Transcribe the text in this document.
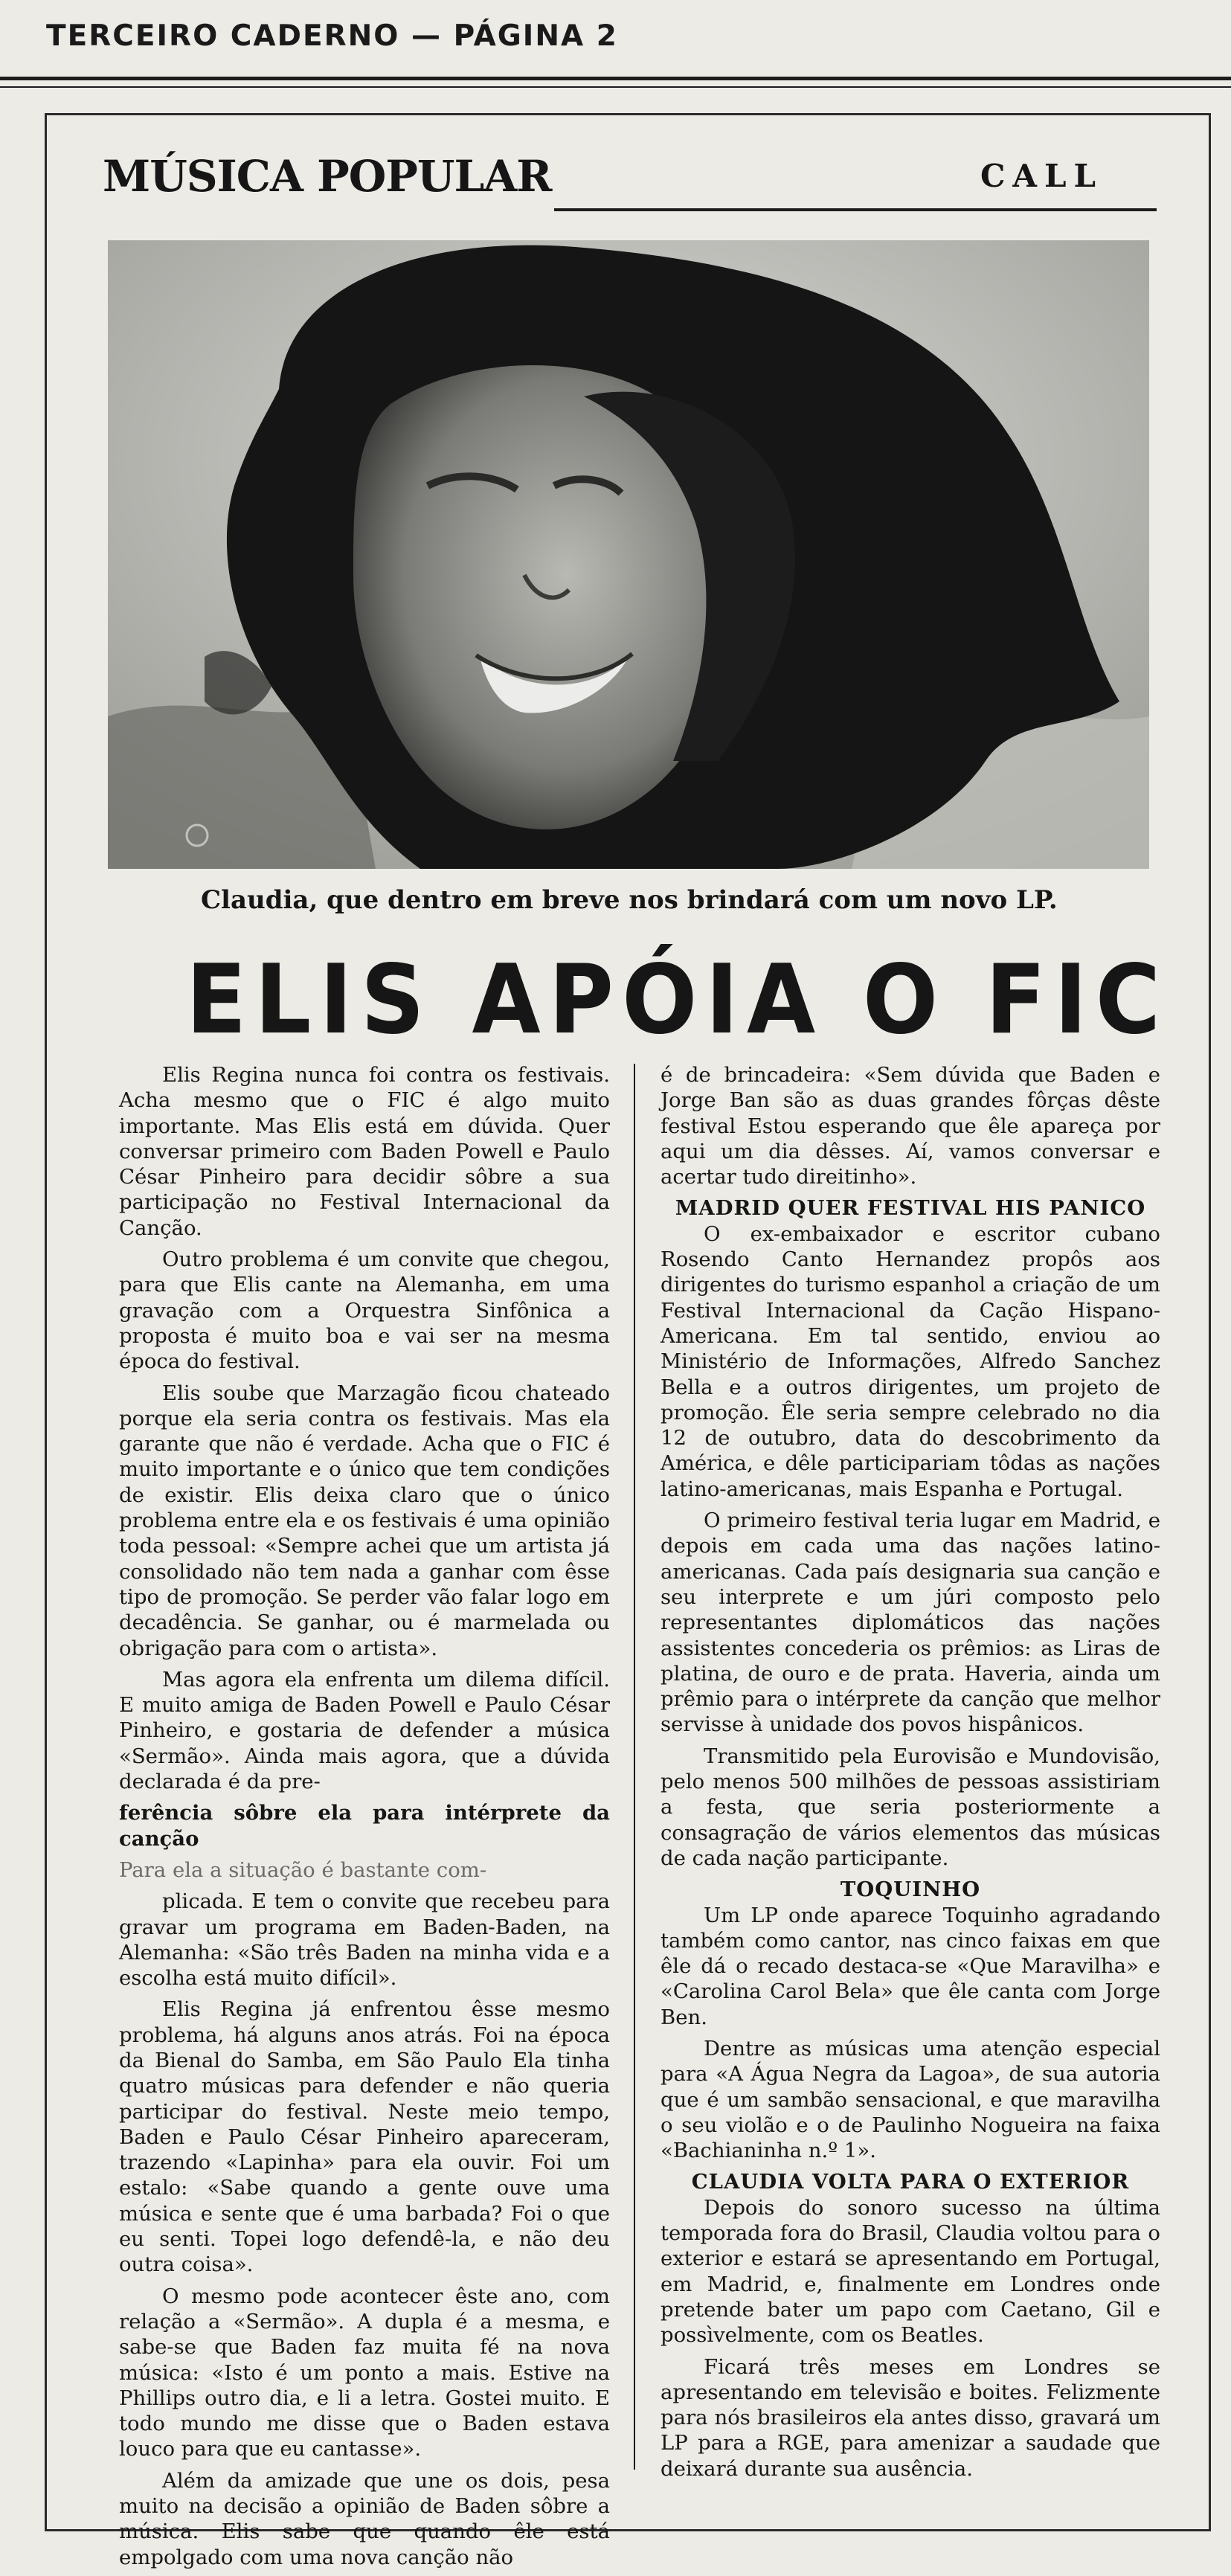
TERCEIRO CADERNO — PÁGINA 2
MÚSICA POPULAR	CALL
Claudia, que dentro em breve nos brindará com um novo LP.
ELIS APÓIA O FIC

Elis Regina nunca foi contra os festivais. Acha mesmo que o FIC é algo muito importante. Mas Elis está em dúvida. Quer conversar primeiro com Baden Powell e Paulo César Pinheiro para decidir sôbre a sua participação no Festival Internacional da Canção.

Outro problema é um convite que chegou, para que Elis cante na Alemanha, em uma gravação com a Orquestra Sinfônica a proposta é muito boa e vai ser na mesma época do festival.

Elis soube que Marzagão ficou chateado porque ela seria contra os festivais. Mas ela garante que não é verdade. Acha que o FIC é muito importante e o único que tem condições de existir. Elis deixa claro que o único problema entre ela e os festivais é uma opinião toda pessoal: «Sempre achei que um artista já consolidado não tem nada a ganhar com êsse tipo de promoção. Se perder vão falar logo em decadência. Se ganhar, ou é marmelada ou obrigação para com o artista».

Mas agora ela enfrenta um dilema difícil. E muito amiga de Baden Powell e Paulo César Pinheiro, e gostaria de defender a música «Sermão». Ainda mais agora, que a dúvida declarada é da pre-

ferência sôbre ela para intérprete da canção

Para ela a situação é bastante com-

plicada. E tem o convite que recebeu para gravar um programa em Baden-Baden, na Alemanha: «São três Baden na minha vida e a escolha está muito difícil».

Elis Regina já enfrentou êsse mesmo problema, há alguns anos atrás. Foi na época da Bienal do Samba, em São Paulo Ela tinha quatro músicas para defender e não queria participar do festival. Neste meio tempo, Baden e Paulo César Pinheiro apareceram, trazendo «Lapinha» para ela ouvir. Foi um estalo: «Sabe quando a gente ouve uma música e sente que é uma barbada? Foi o que eu senti. Topei logo defendê-la, e não deu outra coisa».

O mesmo pode acontecer êste ano, com relação a «Sermão». A dupla é a mesma, e sabe-se que Baden faz muita fé na nova música: «Isto é um ponto a mais. Estive na Phillips outro dia, e li a letra. Gostei muito. E todo mundo me disse que o Baden estava louco para que eu cantasse».

Além da amizade que une os dois, pesa muito na decisão a opinião de Baden sôbre a música. Elis sabe que quando êle está empolgado com uma nova canção não

é de brincadeira: «Sem dúvida que Baden e Jorge Ban são as duas grandes fôrças dêste festival Estou esperando que êle apareça por aqui um dia dêsses. Aí, vamos conversar e acertar tudo direitinho».

MADRID QUER FESTIVAL HIS PANICO

O ex-embaixador e escritor cubano Rosendo Canto Hernandez propôs aos dirigentes do turismo espanhol a criação de um Festival Internacional da Cação Hispano-Americana. Em tal sentido, enviou ao Ministério de Informações, Alfredo Sanchez Bella e a outros dirigentes, um projeto de promoção. Êle seria sempre celebrado no dia 12 de outubro, data do descobrimento da América, e dêle participariam tôdas as nações latino-americanas, mais Espanha e Portugal.

O primeiro festival teria lugar em Madrid, e depois em cada uma das nações latino-americanas. Cada país designaria sua canção e seu interprete e um júri composto pelo representantes diplomáticos das nações assistentes concederia os prêmios: as Liras de platina, de ouro e de prata. Haveria, ainda um prêmio para o intérprete da canção que melhor servisse à unidade dos povos hispânicos.

Transmitido pela Eurovisão e Mundovisão, pelo menos 500 milhões de pessoas assistiriam a festa, que seria posteriormente a consagração de vários elementos das músicas de cada nação participante.

TOQUINHO

Um LP onde aparece Toquinho agradando também como cantor, nas cinco faixas em que êle dá o recado destaca-se «Que Maravilha» e «Carolina Carol Bela» que êle canta com Jorge Ben.

Dentre as músicas uma atenção especial para «A Água Negra da Lagoa», de sua autoria que é um sambão sensacional, e que maravilha o seu violão e o de Paulinho Nogueira na faixa «Bachianinha n.º 1».

CLAUDIA VOLTA PARA O EXTERIOR

Depois do sonoro sucesso na última temporada fora do Brasil, Claudia voltou para o exterior e estará se apresentando em Portugal, em Madrid, e, finalmente em Londres onde pretende bater um papo com Caetano, Gil e possìvelmente, com os Beatles.

Ficará três meses em Londres se apresentando em televisão e boites. Felizmente para nós brasileiros ela antes disso, gravará um LP para a RGE, para amenizar a saudade que deixará durante sua ausência.
